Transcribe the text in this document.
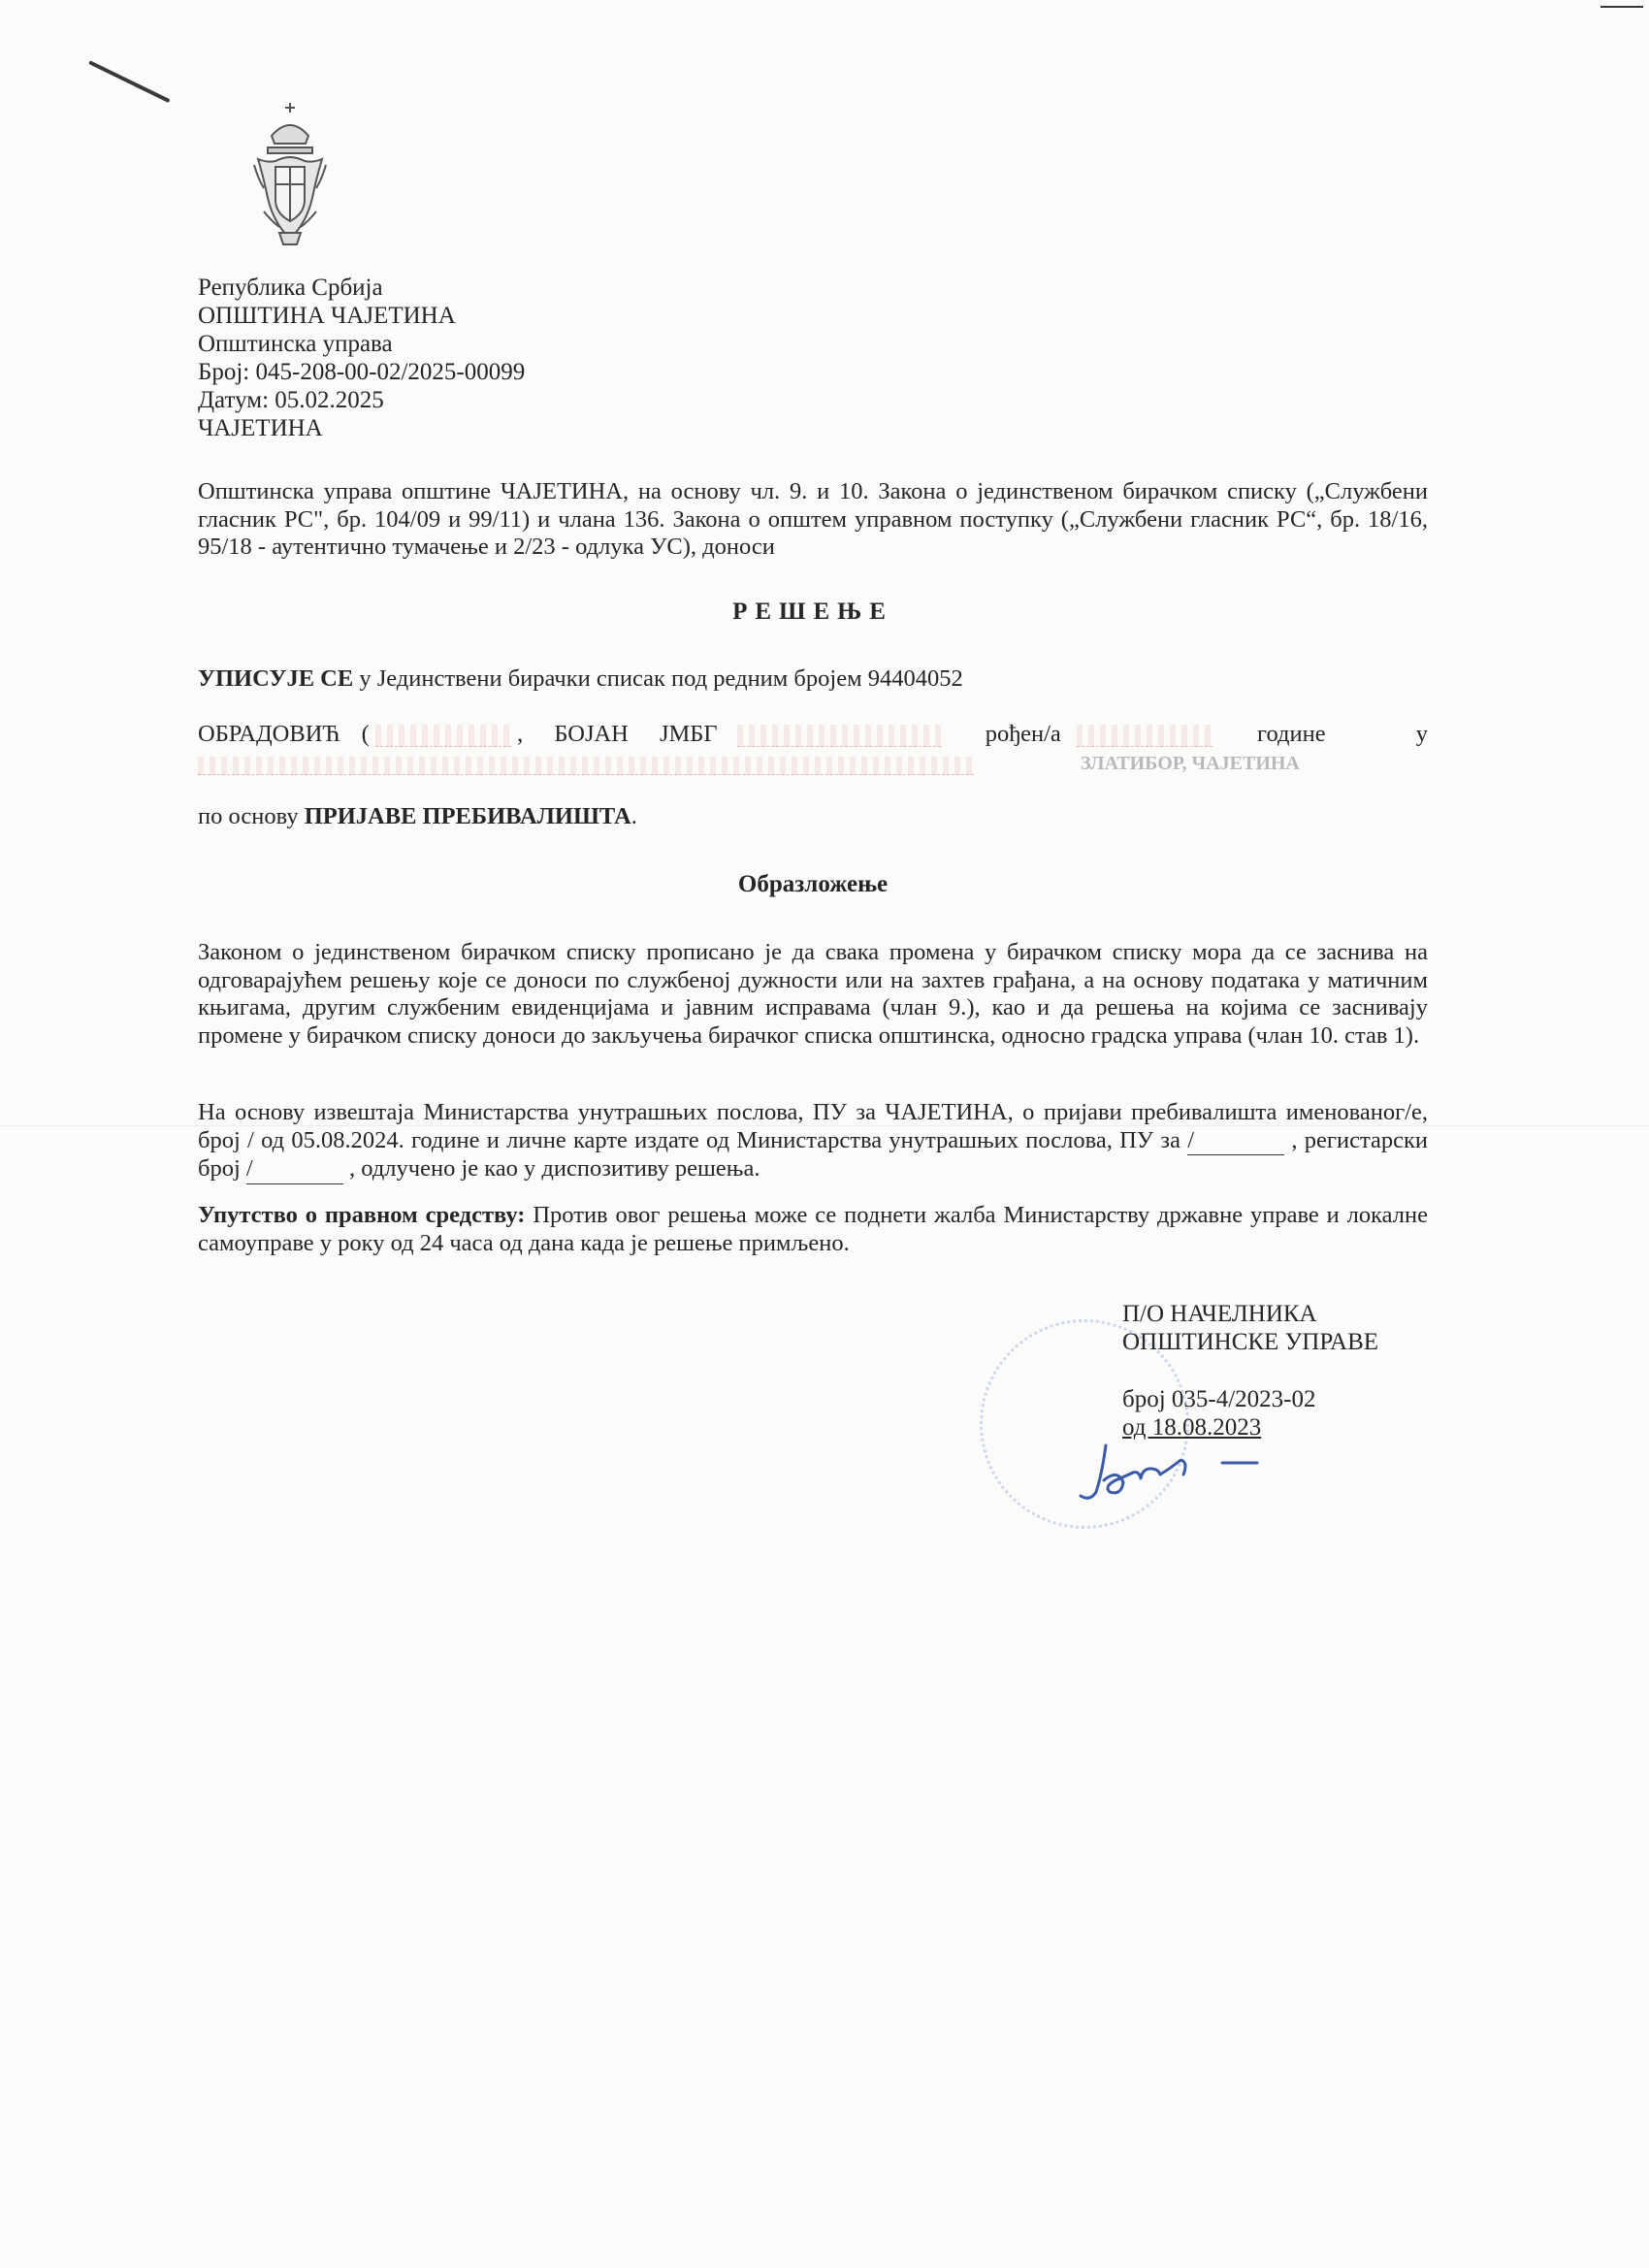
Република Србија
ОПШТИНА ЧАЈЕТИНА
Општинска управа
Број: 045-208-00-02/2025-00099
Датум: 05.02.2025
ЧАЈЕТИНА
Општинска управа општине ЧАЈЕТИНА, на основу чл. 9. и 10. Закона о јединственом бирачком списку („Службени гласник РС", бр. 104/09 и 99/11) и члана 136. Закона о општем управном поступку („Службени гласник РС“, бр. 18/16, 95/18 - аутентично тумачење и 2/23 - одлука УС), доноси
РЕШЕЊЕ
УПИСУЈЕ СЕ у Јединствени бирачки списак под редним бројем 94404052
ОБРАДОВИЋ (	, БОЈАН ЈМБГ	рођен/а	године	у
ЗЛАТИБОР, ЧАЈЕТИНА
по основу ПРИЈАВЕ ПРЕБИВАЛИШТА.
Образложење
Законом о јединственом бирачком списку прописано је да свака промена у бирачком списку мора да се заснива на одговарајућем решењу које се доноси по службеној дужности или на захтев грађана, а на основу података у матичним књигама, другим службеним евиденцијама и јавним исправама (члан 9.), као и да решења на којима се заснивају промене у бирачком списку доноси до закључења бирачког списка општинска, односно градска управа (члан 10. став 1).
На основу извештаја Министарства унутрашњих послова, ПУ за ЧАЈЕТИНА, о пријави пребивалишта именованог/е, број / од 05.08.2024. године и личне карте издате од Министарства унутрашњих послова, ПУ за /	, регистарски број /	, одлучено је као у диспозитиву решења.
Упутство о правном средству: Против овог решења може се поднети жалба Министарству државне управе и локалне самоуправе у року од 24 часа од дана када је решење примљено.
П/О НАЧЕЛНИКА
ОПШТИНСКЕ УПРАВЕ
број 035-4/2023-02
од 18.08.2023
